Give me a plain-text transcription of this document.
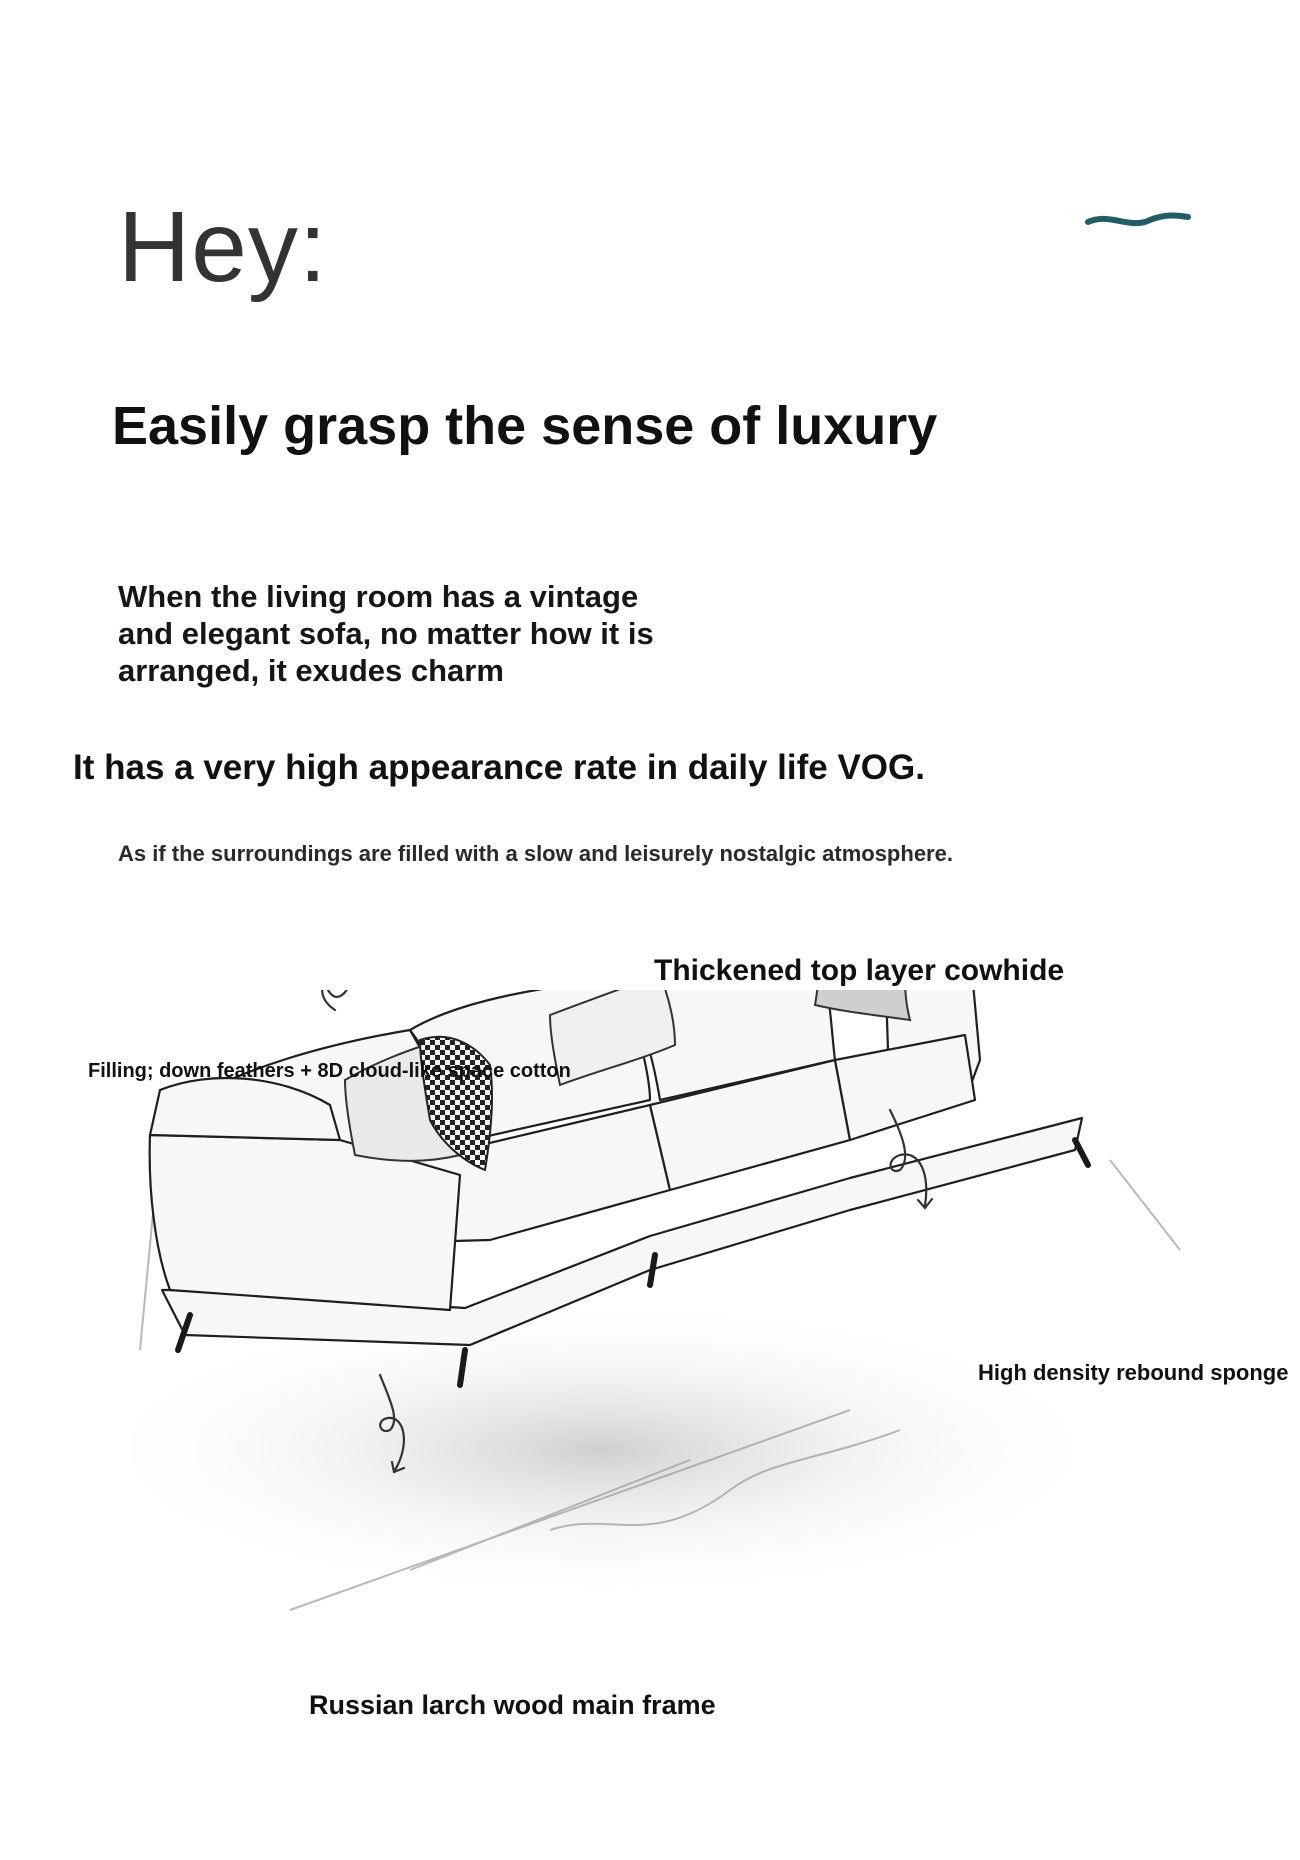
Hey:
Easily grasp the sense of luxury
When the living room has a vintage
and elegant sofa, no matter how it is
arranged, it exudes charm
It has a very high appearance rate in daily life VOG.
As if the surroundings are filled with a slow and leisurely nostalgic atmosphere.
Thickened top layer cowhide
Filling; down feathers + 8D cloud-like space cotton
High density rebound sponge
Russian larch wood main frame
